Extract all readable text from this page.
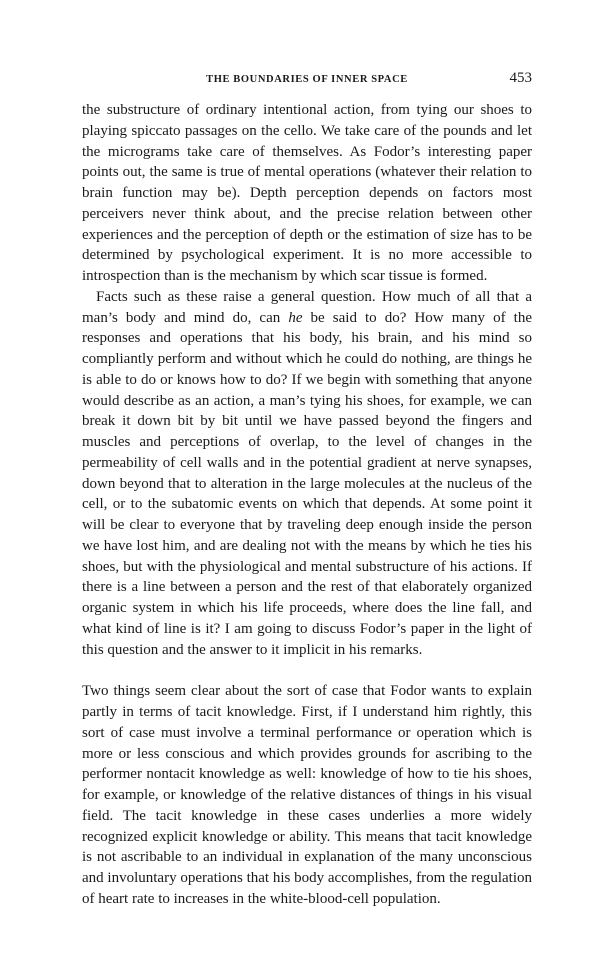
THE BOUNDARIES OF INNER SPACE	453

the substructure of ordinary intentional action, from tying our shoes to playing spiccato passages on the cello. We take care of the pounds and let the micrograms take care of themselves. As Fodor’s interesting paper points out, the same is true of mental operations (whatever their relation to brain function may be). Depth perception depends on factors most perceivers never think about, and the precise relation between other experiences and the perception of depth or the estimation of size has to be determined by psychological experiment. It is no more accessible to introspection than is the mechanism by which scar tissue is formed.

Facts such as these raise a general question. How much of all that a man’s body and mind do, can he be said to do? How many of the responses and operations that his body, his brain, and his mind so compliantly perform and without which he could do nothing, are things he is able to do or knows how to do? If we begin with something that anyone would describe as an action, a man’s tying his shoes, for example, we can break it down bit by bit until we have passed beyond the fingers and muscles and perceptions of overlap, to the level of changes in the permeability of cell walls and in the potential gradient at nerve synapses, down beyond that to alteration in the large molecules at the nucleus of the cell, or to the subatomic events on which that depends. At some point it will be clear to everyone that by traveling deep enough inside the person we have lost him, and are dealing not with the means by which he ties his shoes, but with the physiological and mental substructure of his actions. If there is a line between a person and the rest of that elaborately organized organic system in which his life proceeds, where does the line fall, and what kind of line is it? I am going to discuss Fodor’s paper in the light of this question and the answer to it implicit in his remarks.

Two things seem clear about the sort of case that Fodor wants to explain partly in terms of tacit knowledge. First, if I understand him rightly, this sort of case must involve a terminal performance or operation which is more or less conscious and which provides grounds for ascribing to the performer nontacit knowledge as well: knowledge of how to tie his shoes, for example, or knowledge of the relative distances of things in his visual field. The tacit knowledge in these cases underlies a more widely recognized explicit knowledge or ability. This means that tacit knowledge is not ascribable to an individual in explanation of the many unconscious and involuntary operations that his body accomplishes, from the regulation of heart rate to increases in the white-blood-cell population.
